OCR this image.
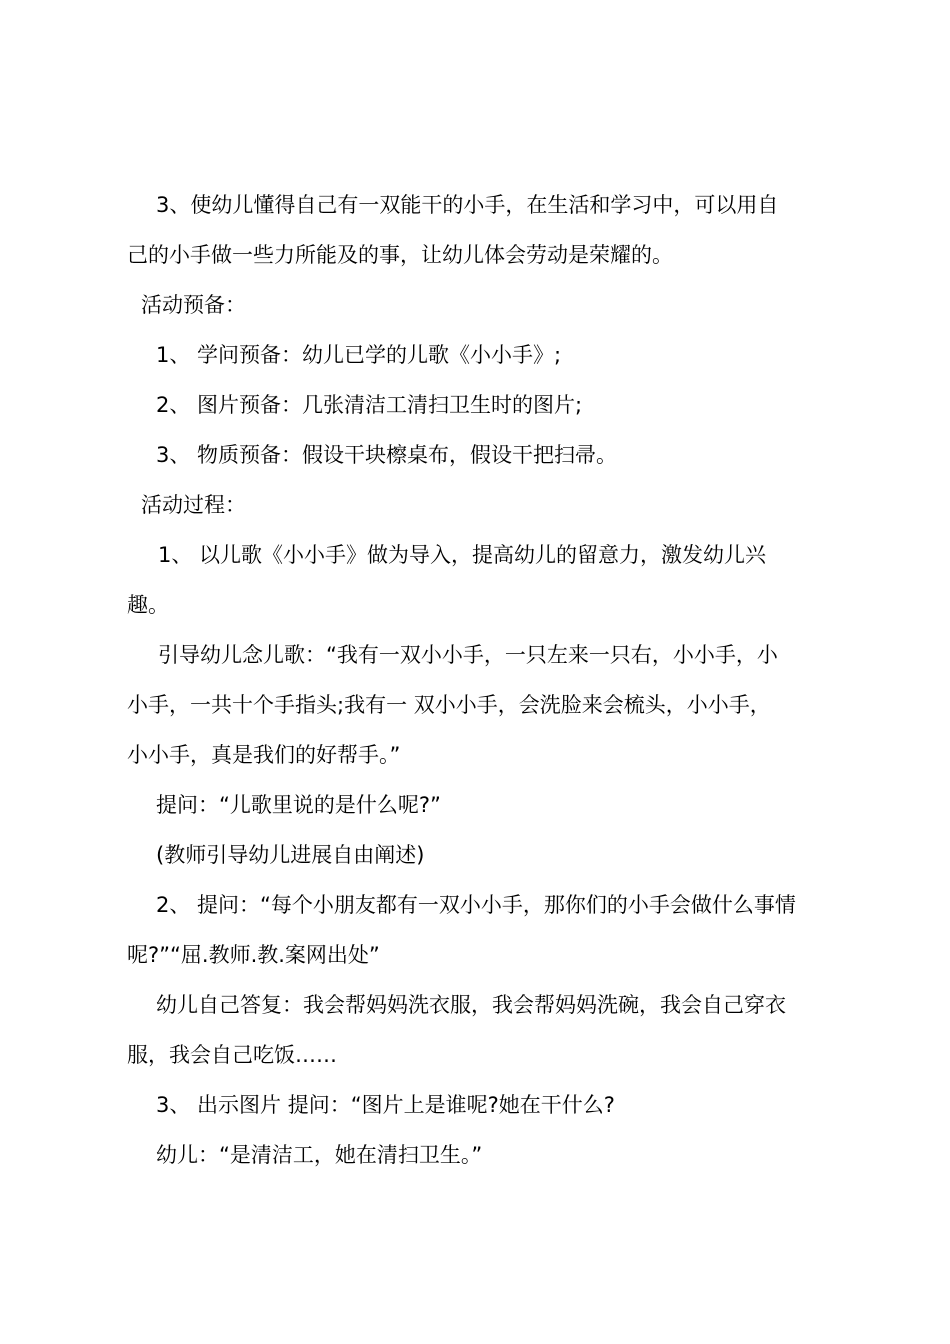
3、使幼儿懂得自己有一双能干的小手，在生活和学习中，可以用自
己的小手做一些力所能及的事，让幼儿体会劳动是荣耀的。
活动预备：
1、 学问预备：幼儿已学的儿歌《小小手》;
2、 图片预备：几张清洁工清扫卫生时的图片;
3、 物质预备：假设干块檫桌布，假设干把扫帚。
活动过程：
1、 以儿歌《小小手》做为导入，提高幼儿的留意力，激发幼儿兴
趣。
引导幼儿念儿歌：“我有一双小小手，一只左来一只右，小小手，小
小手，一共十个手指头;我有一 双小小手，会洗脸来会梳头，小小手，
小小手，真是我们的好帮手。”
提问：“儿歌里说的是什么呢?”
(教师引导幼儿进展自由阐述)
2、 提问：“每个小朋友都有一双小小手，那你们的小手会做什么事情
呢?”“屈.教师.教.案网出处”
幼儿自己答复：我会帮妈妈洗衣服，我会帮妈妈洗碗，我会自己穿衣
服，我会自己吃饭……
3、 出示图片 提问：“图片上是谁呢?她在干什么?
幼儿：“是清洁工，她在清扫卫生。”
